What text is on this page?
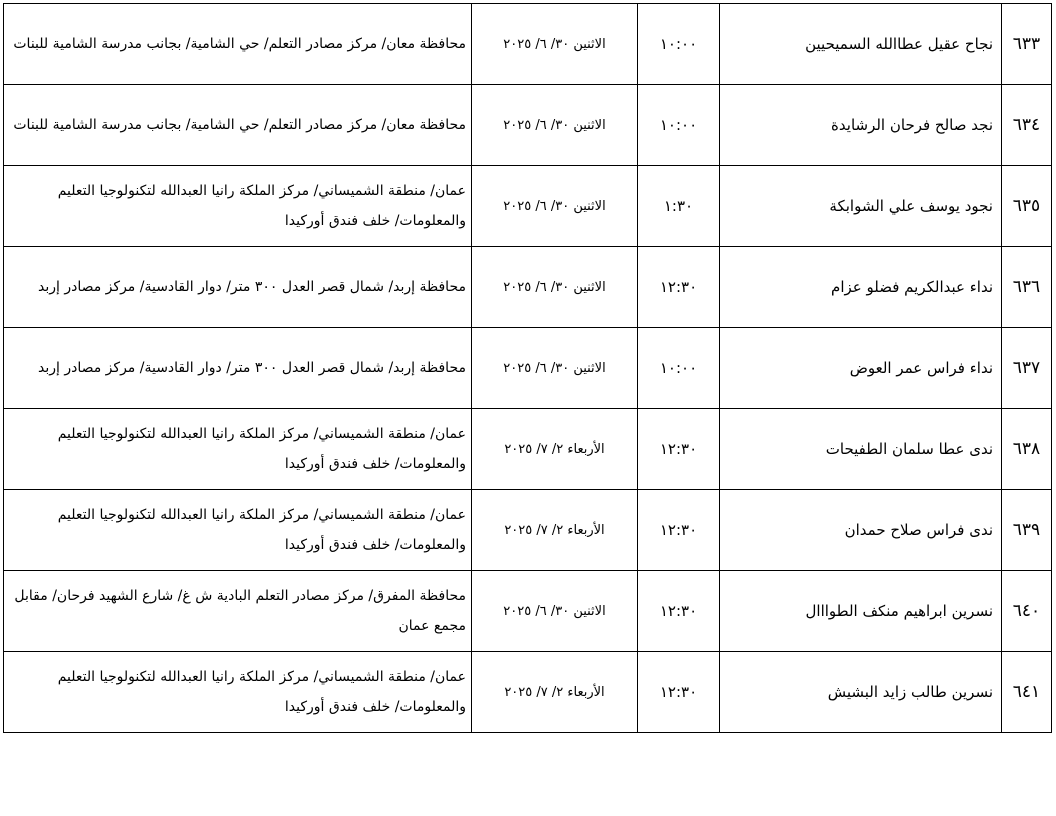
٦٣٣	نجاح عقيل عطاالله السميحيين	١٠:٠٠	الاثنين ٣٠/ ٦/ ٢٠٢٥	محافظة معان/ مركز مصادر التعلم/ حي الشامية/ بجانب مدرسة الشامية للبنات
٦٣٤	نجد صالح فرحان الرشايدة	١٠:٠٠	الاثنين ٣٠/ ٦/ ٢٠٢٥	محافظة معان/ مركز مصادر التعلم/ حي الشامية/ بجانب مدرسة الشامية للبنات
٦٣٥	نجود يوسف علي الشوابكة	١:٣٠	الاثنين ٣٠/ ٦/ ٢٠٢٥	عمان/ منطقة الشميساني/ مركز الملكة رانيا العبدالله لتكنولوجيا التعليم والمعلومات/ خلف فندق أوركيدا
٦٣٦	نداء عبدالكريم فضلو عزام	١٢:٣٠	الاثنين ٣٠/ ٦/ ٢٠٢٥	محافظة إربد/ شمال قصر العدل ٣٠٠ متر/ دوار القادسية/ مركز مصادر إربد
٦٣٧	نداء فراس عمر العوض	١٠:٠٠	الاثنين ٣٠/ ٦/ ٢٠٢٥	محافظة إربد/ شمال قصر العدل ٣٠٠ متر/ دوار القادسية/ مركز مصادر إربد
٦٣٨	ندى عطا سلمان الطفيحات	١٢:٣٠	الأربعاء ٢/ ٧/ ٢٠٢٥	عمان/ منطقة الشميساني/ مركز الملكة رانيا العبدالله لتكنولوجيا التعليم والمعلومات/ خلف فندق أوركيدا
٦٣٩	ندى فراس صلاح حمدان	١٢:٣٠	الأربعاء ٢/ ٧/ ٢٠٢٥	عمان/ منطقة الشميساني/ مركز الملكة رانيا العبدالله لتكنولوجيا التعليم والمعلومات/ خلف فندق أوركيدا
٦٤٠	نسرين ابراهيم منكف الطوااال	١٢:٣٠	الاثنين ٣٠/ ٦/ ٢٠٢٥	محافظة المفرق/ مركز مصادر التعلم البادية ش غ/ شارع الشهيد فرحان/ مقابل مجمع عمان
٦٤١	نسرين طالب زايد البشيش	١٢:٣٠	الأربعاء ٢/ ٧/ ٢٠٢٥	عمان/ منطقة الشميساني/ مركز الملكة رانيا العبدالله لتكنولوجيا التعليم والمعلومات/ خلف فندق أوركيدا
